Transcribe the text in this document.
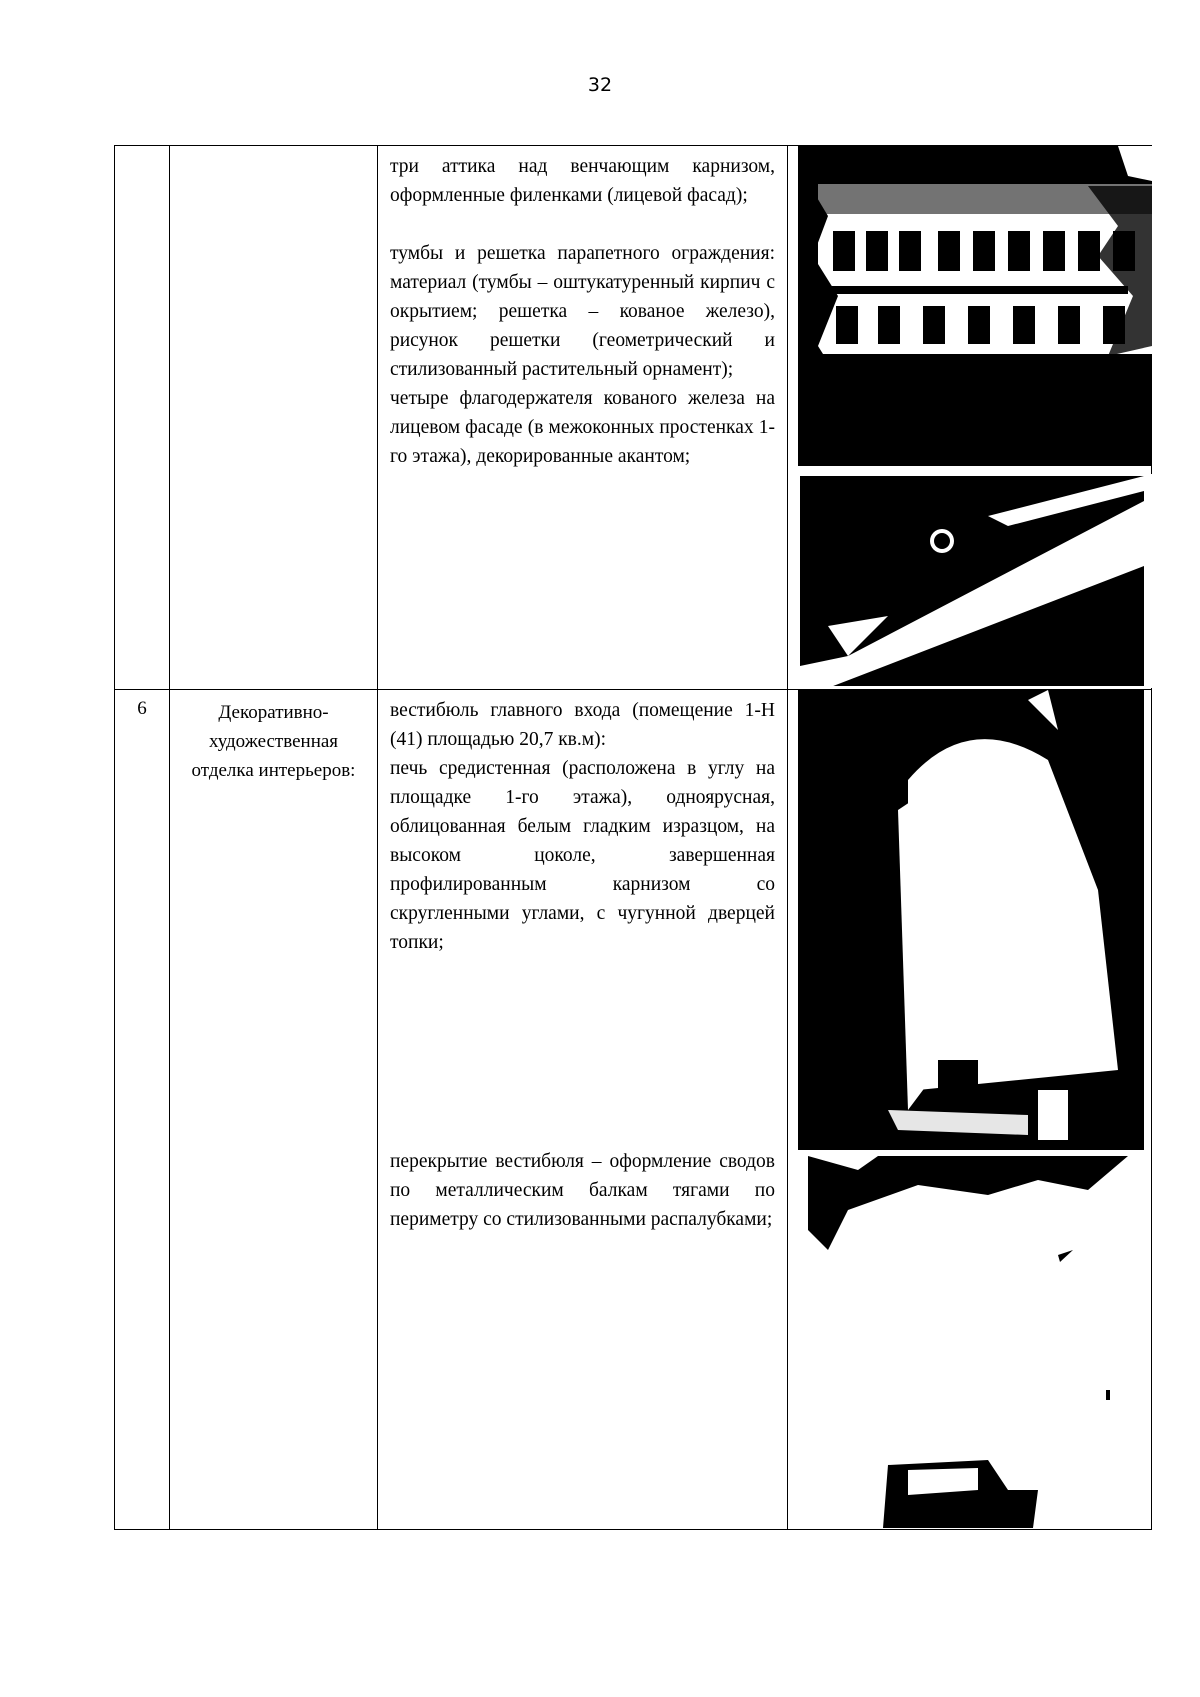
32

		три аттика над венчающим карнизом, оформленные филенками (лицевой фасад);

тумбы и решетка парапетного ограждения: материал (тумбы – оштукатуренный кирпич с окрытием; решетка – кованое железо), рисунок решетки (геометрический и стилизованный растительный орнамент);

четыре флагодержателя кованого железа на лицевом фасаде (в межоконных простенках 1-го этажа), декорированные акантом;

6	Декоративно-художественная отделка интерьеров:	вестибюль главного входа (помещение 1-Н (41) площадью 20,7 кв.м):

печь средистенная (расположена в углу на площадке 1-го этажа), одноярусная, облицованная белым гладким изразцом, на высоком цоколе, завершенная профилированным карнизом со скругленными углами, с чугунной дверцей топки;

перекрытие вестибюля – оформление сводов по металлическим балкам тягами по периметру со стилизованными распалубками;
